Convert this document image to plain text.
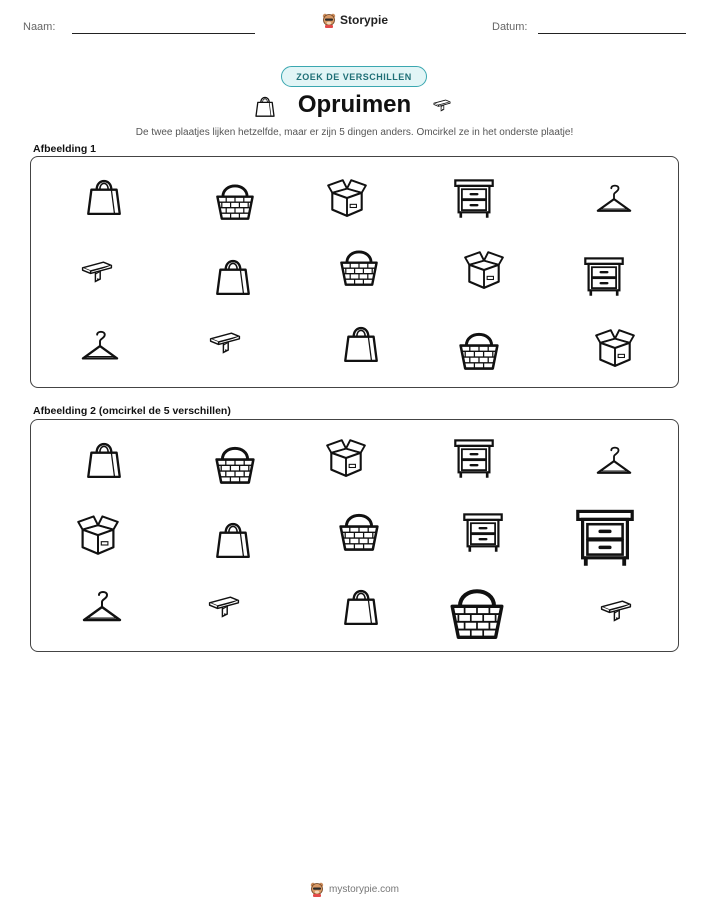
Naam:	Storypie	Datum:
ZOEK DE VERSCHILLEN
Opruimen
De twee plaatjes lijken hetzelfde, maar er zijn 5 dingen anders. Omcirkel ze in het onderste plaatje!
Afbeelding 1
Afbeelding 2 (omcirkel de 5 verschillen)
mystorypie.com
